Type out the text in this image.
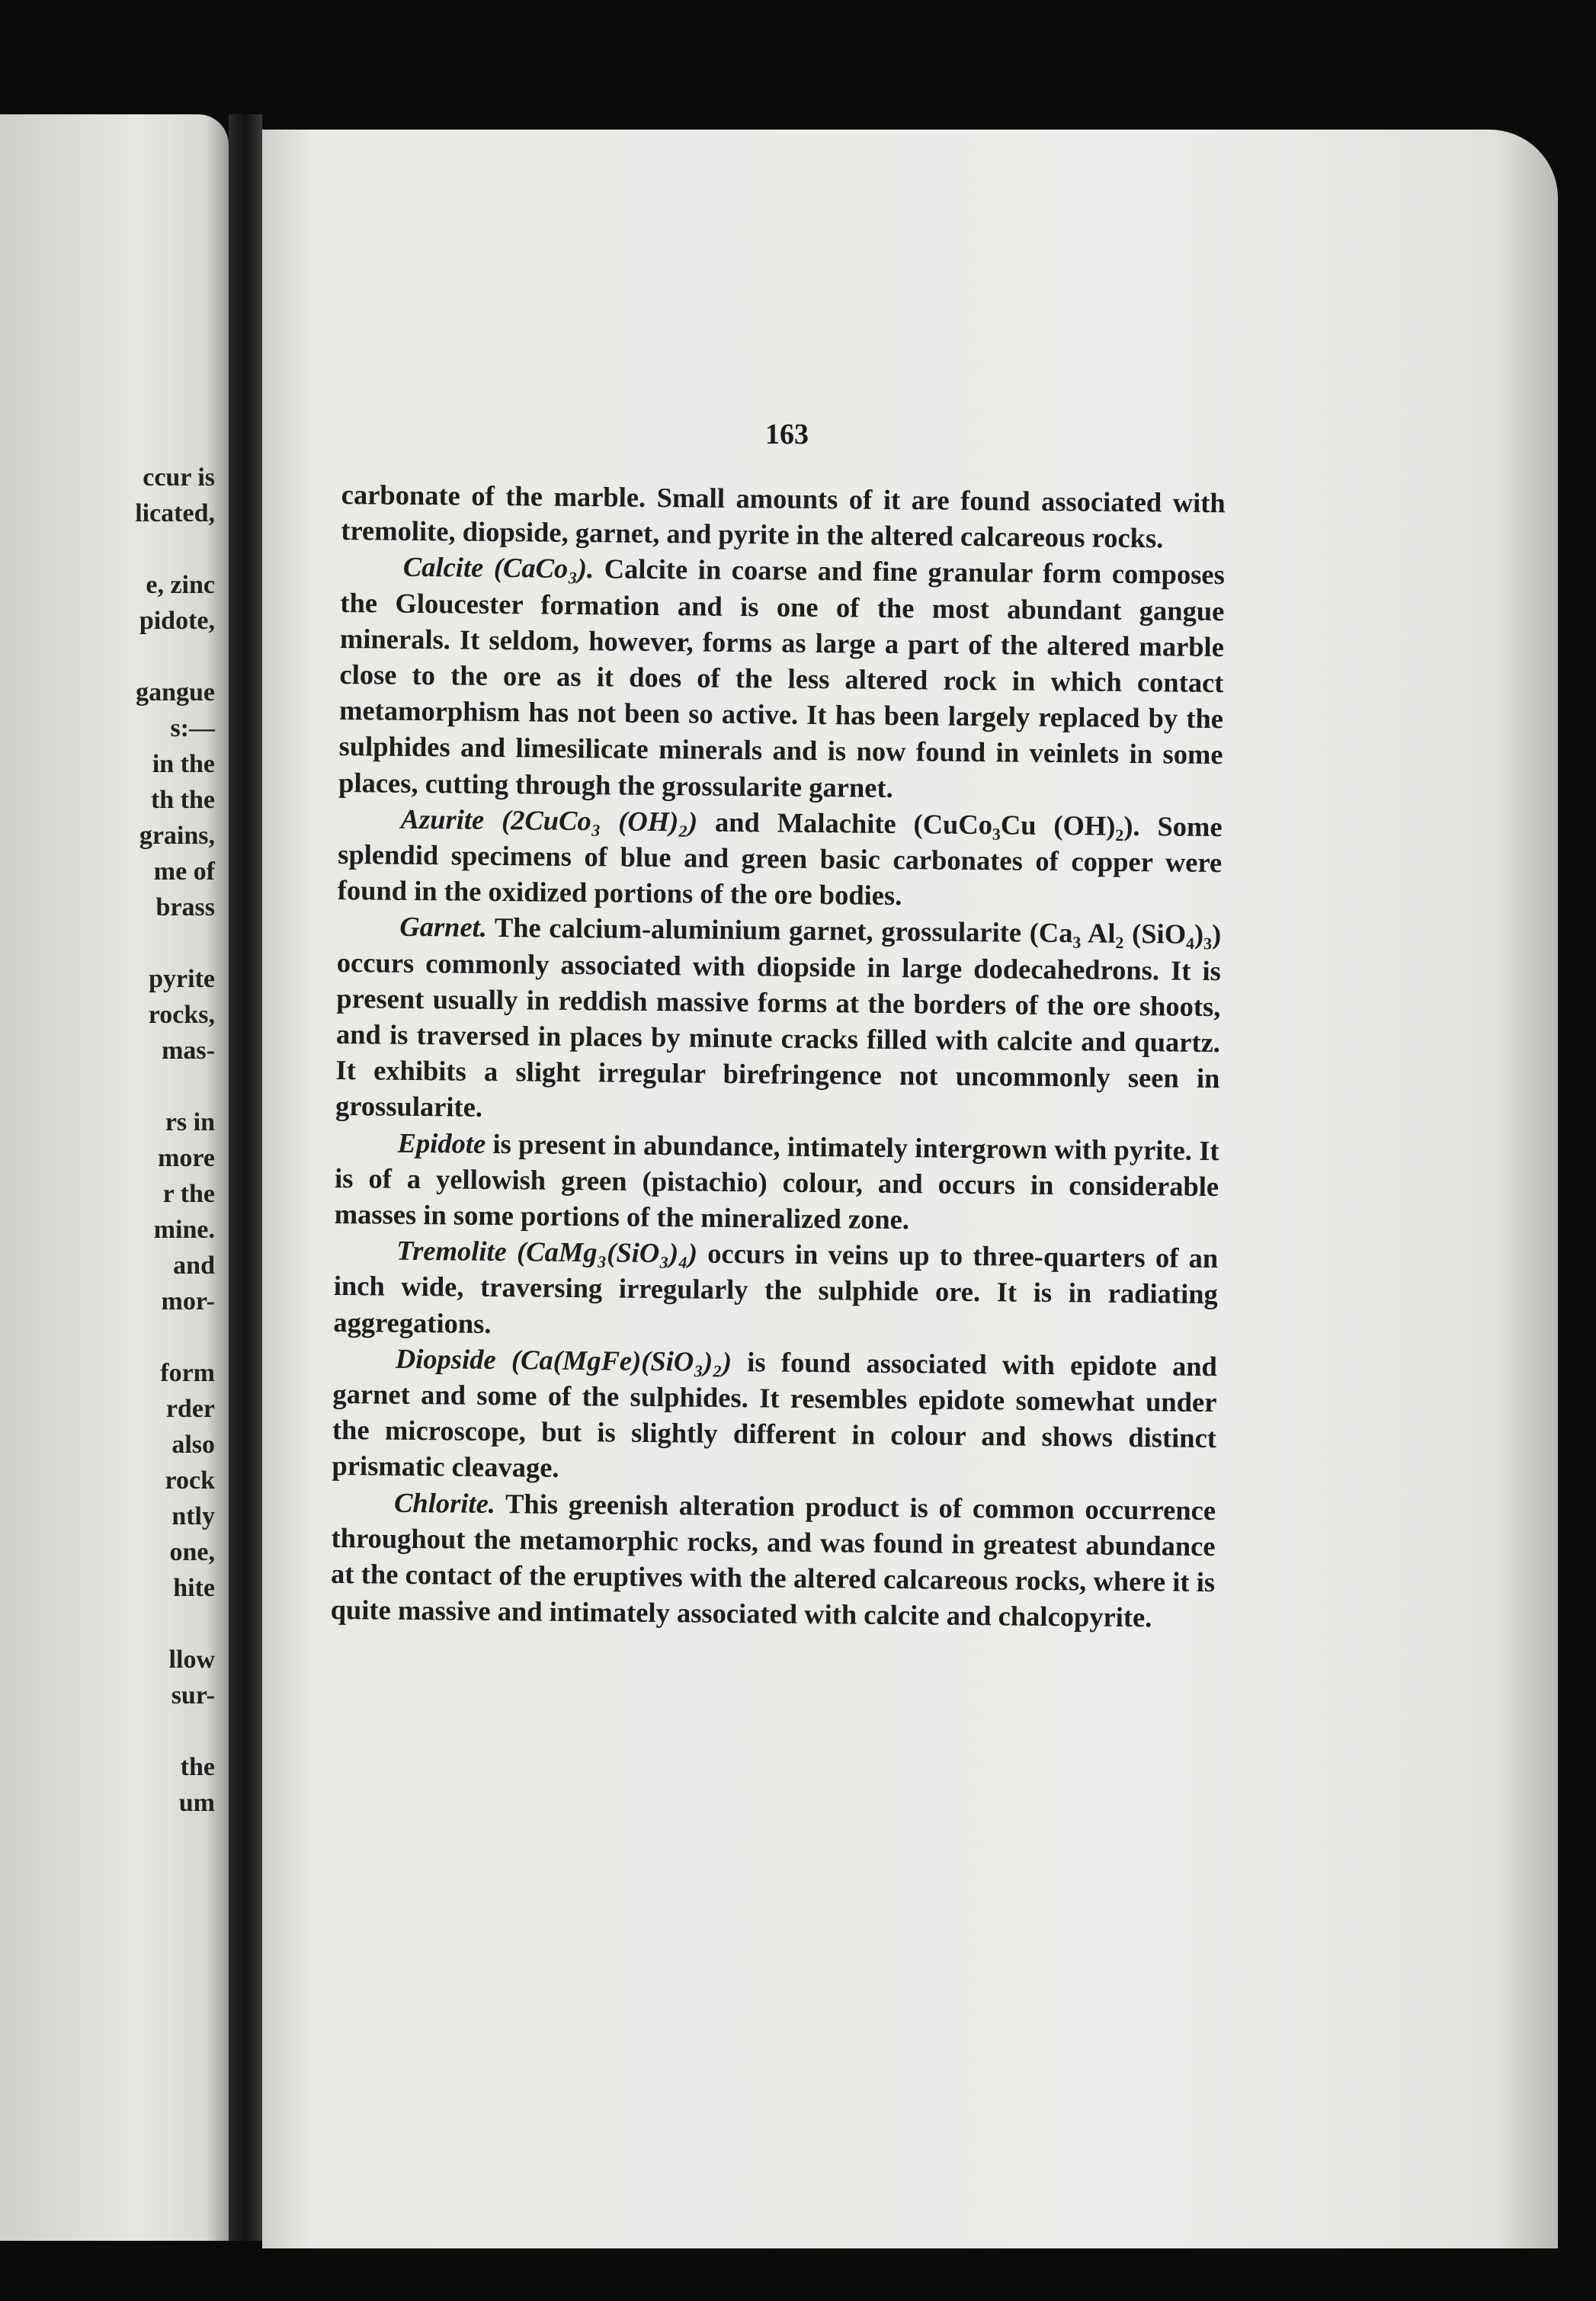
ccur is
licated,

e, zinc
pidote,

gangue
s:—
in the
th the
grains,
me of
brass

pyrite
rocks,
mas-

rs in
more
r the
mine.
and
mor-

form
rder
also
rock
ntly
one,
hite

llow
sur-

the
um
163

carbonate of the marble. Small amounts of it are found associated with tremolite, diopside, garnet, and pyrite in the altered calcareous rocks.

Calcite (CaCo₃). Calcite in coarse and fine granular form composes the Gloucester formation and is one of the most abundant gangue minerals. It seldom, however, forms as large a part of the altered marble close to the ore as it does of the less altered rock in which contact metamorphism has not been so active. It has been largely replaced by the sulphides and limesilicate minerals and is now found in veinlets in some places, cutting through the grossularite garnet.

Azurite (2CuCo₃ (OH)₂) and Malachite (CuCo₃Cu (OH)₂). Some splendid specimens of blue and green basic carbonates of copper were found in the oxidized portions of the ore bodies.

Garnet. The calcium-aluminium garnet, grossularite (Ca₃ Al₂ (SiO₄)₃) occurs commonly associated with diopside in large dodecahedrons. It is present usually in reddish massive forms at the borders of the ore shoots, and is traversed in places by minute cracks filled with calcite and quartz. It exhibits a slight irregular birefringence not uncommonly seen in grossularite.

Epidote is present in abundance, intimately intergrown with pyrite. It is of a yellowish green (pistachio) colour, and occurs in considerable masses in some portions of the mineralized zone.

Tremolite (CaMg₃(SiO₃)₄) occurs in veins up to three-quarters of an inch wide, traversing irregularly the sulphide ore. It is in radiating aggregations.

Diopside (Ca(MgFe)(SiO₃)₂) is found associated with epidote and garnet and some of the sulphides. It resembles epidote somewhat under the microscope, but is slightly different in colour and shows distinct prismatic cleavage.

Chlorite. This greenish alteration product is of common occurrence throughout the metamorphic rocks, and was found in greatest abundance at the contact of the eruptives with the altered calcareous rocks, where it is quite massive and intimately associated with calcite and chalcopyrite.
